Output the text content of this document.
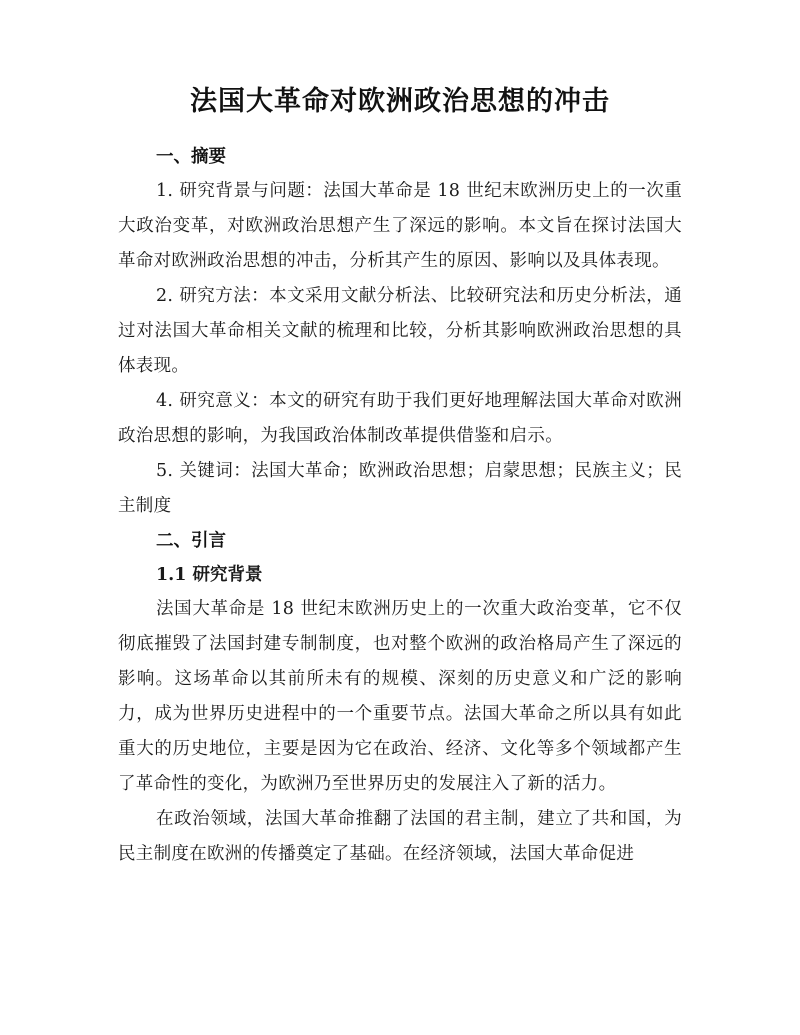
法国大革命对欧洲政治思想的冲击
一、摘要

1. 研究背景与问题：法国大革命是 18 世纪末欧洲历史上的一次重大政治变革，对欧洲政治思想产生了深远的影响。本文旨在探讨法国大革命对欧洲政治思想的冲击，分析其产生的原因、影响以及具体表现。

2. 研究方法：本文采用文献分析法、比较研究法和历史分析法，通过对法国大革命相关文献的梳理和比较，分析其影响欧洲政治思想的具体表现。

4. 研究意义：本文的研究有助于我们更好地理解法国大革命对欧洲政治思想的影响，为我国政治体制改革提供借鉴和启示。

5. 关键词：法国大革命；欧洲政治思想；启蒙思想；民族主义；民主制度

二、引言
1.1 研究背景

法国大革命是 18 世纪末欧洲历史上的一次重大政治变革，它不仅彻底摧毁了法国封建专制制度，也对整个欧洲的政治格局产生了深远的影响。这场革命以其前所未有的规模、深刻的历史意义和广泛的影响力，成为世界历史进程中的一个重要节点。法国大革命之所以具有如此重大的历史地位，主要是因为它在政治、经济、文化等多个领域都产生了革命性的变化，为欧洲乃至世界历史的发展注入了新的活力。

在政治领域，法国大革命推翻了法国的君主制，建立了共和国，为民主制度在欧洲的传播奠定了基础。在经济领域，法国大革命促进
